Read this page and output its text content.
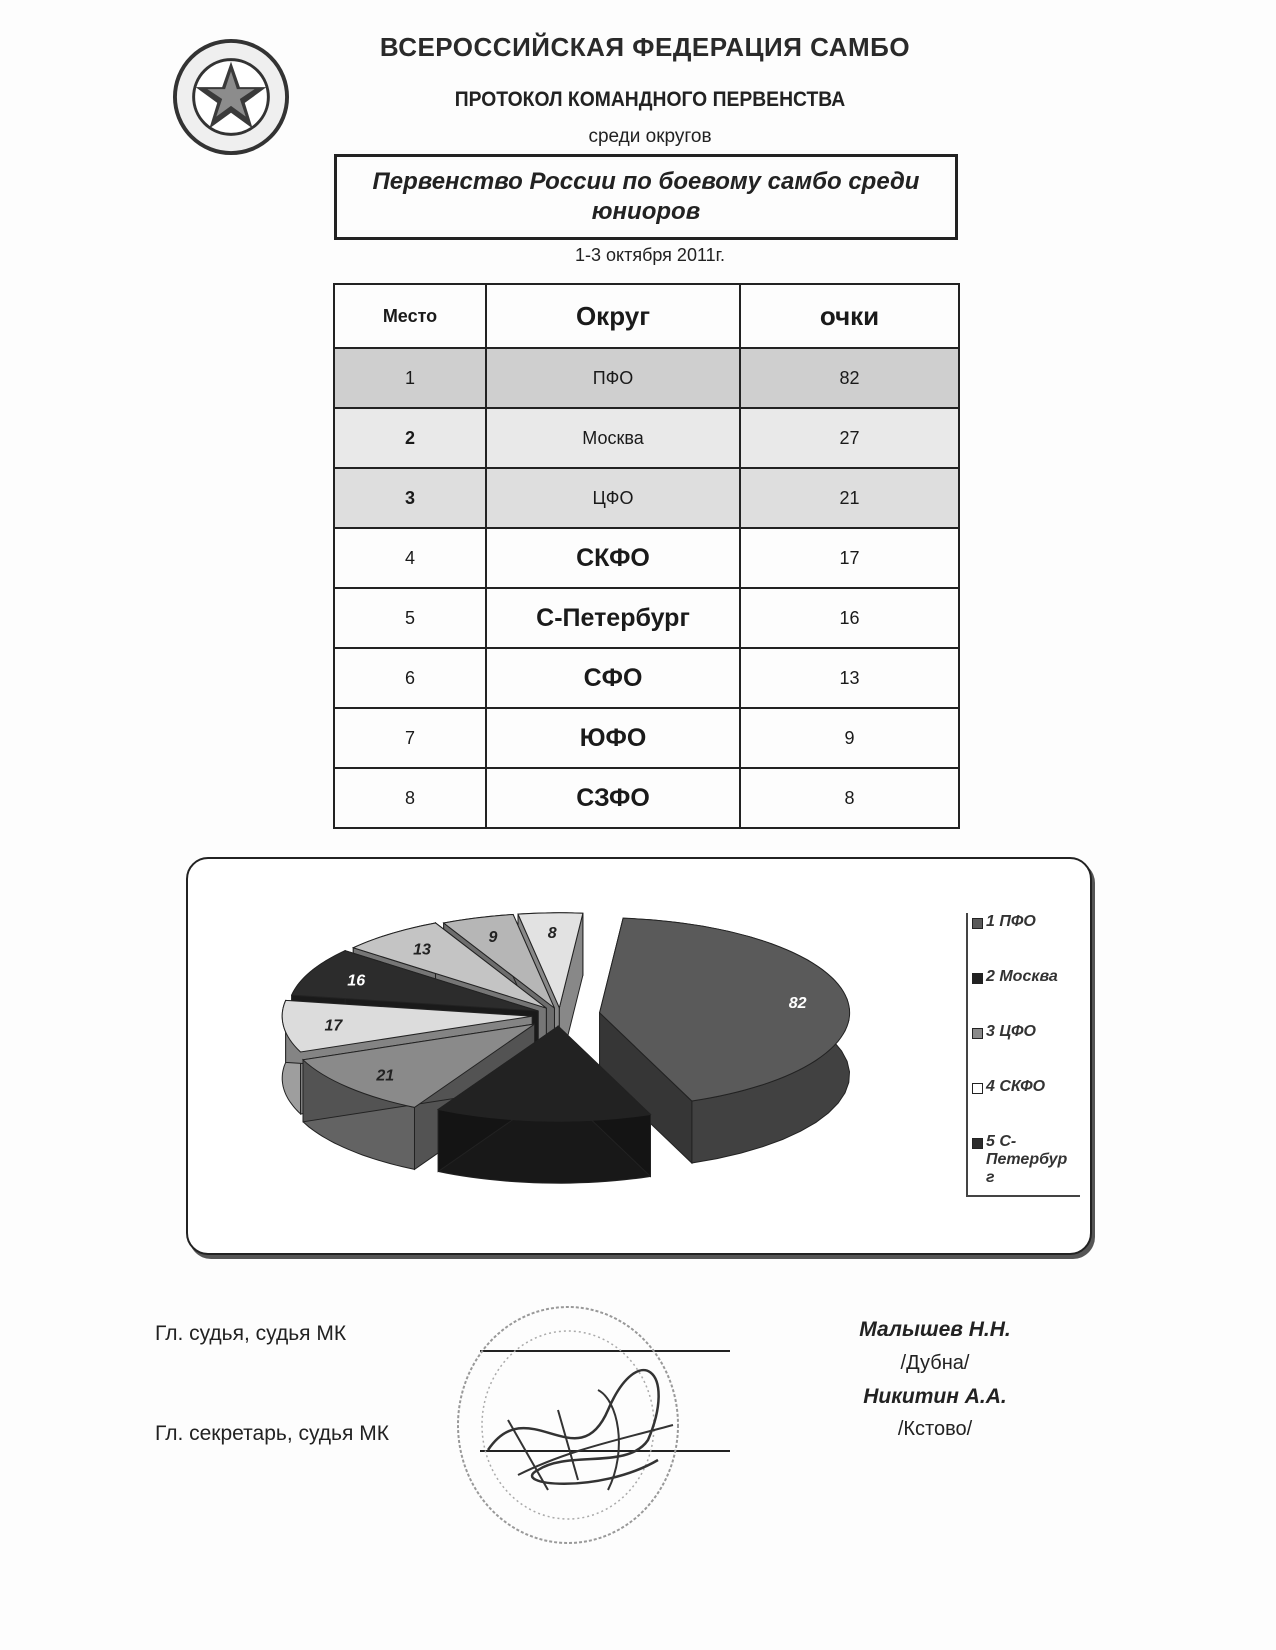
ВСЕРОССИЙСКАЯ ФЕДЕРАЦИЯ САМБО
ПРОТОКОЛ КОМАНДНОГО ПЕРВЕНСТВА
среди округов
Первенство России по боевому самбо среди юниоров
1-3 октября 2011г.
Место	Округ	очки
1	ПФО	82
2	Москва	27
3	ЦФО	21
4	СКФО	17
5	С-Петербург	16
6	СФО	13
7	ЮФО	9
8	СЗФО	8
82
21
17
16
13
9	8
1 ПФО
2 Москва
3 ЦФО
4 СКФО
5 С-Петербур г
Гл. судья, судья МК
Гл. секретарь, судья МК
Малышев Н.Н.
/Дубна/
Никитин А.А.
/Кстово/
